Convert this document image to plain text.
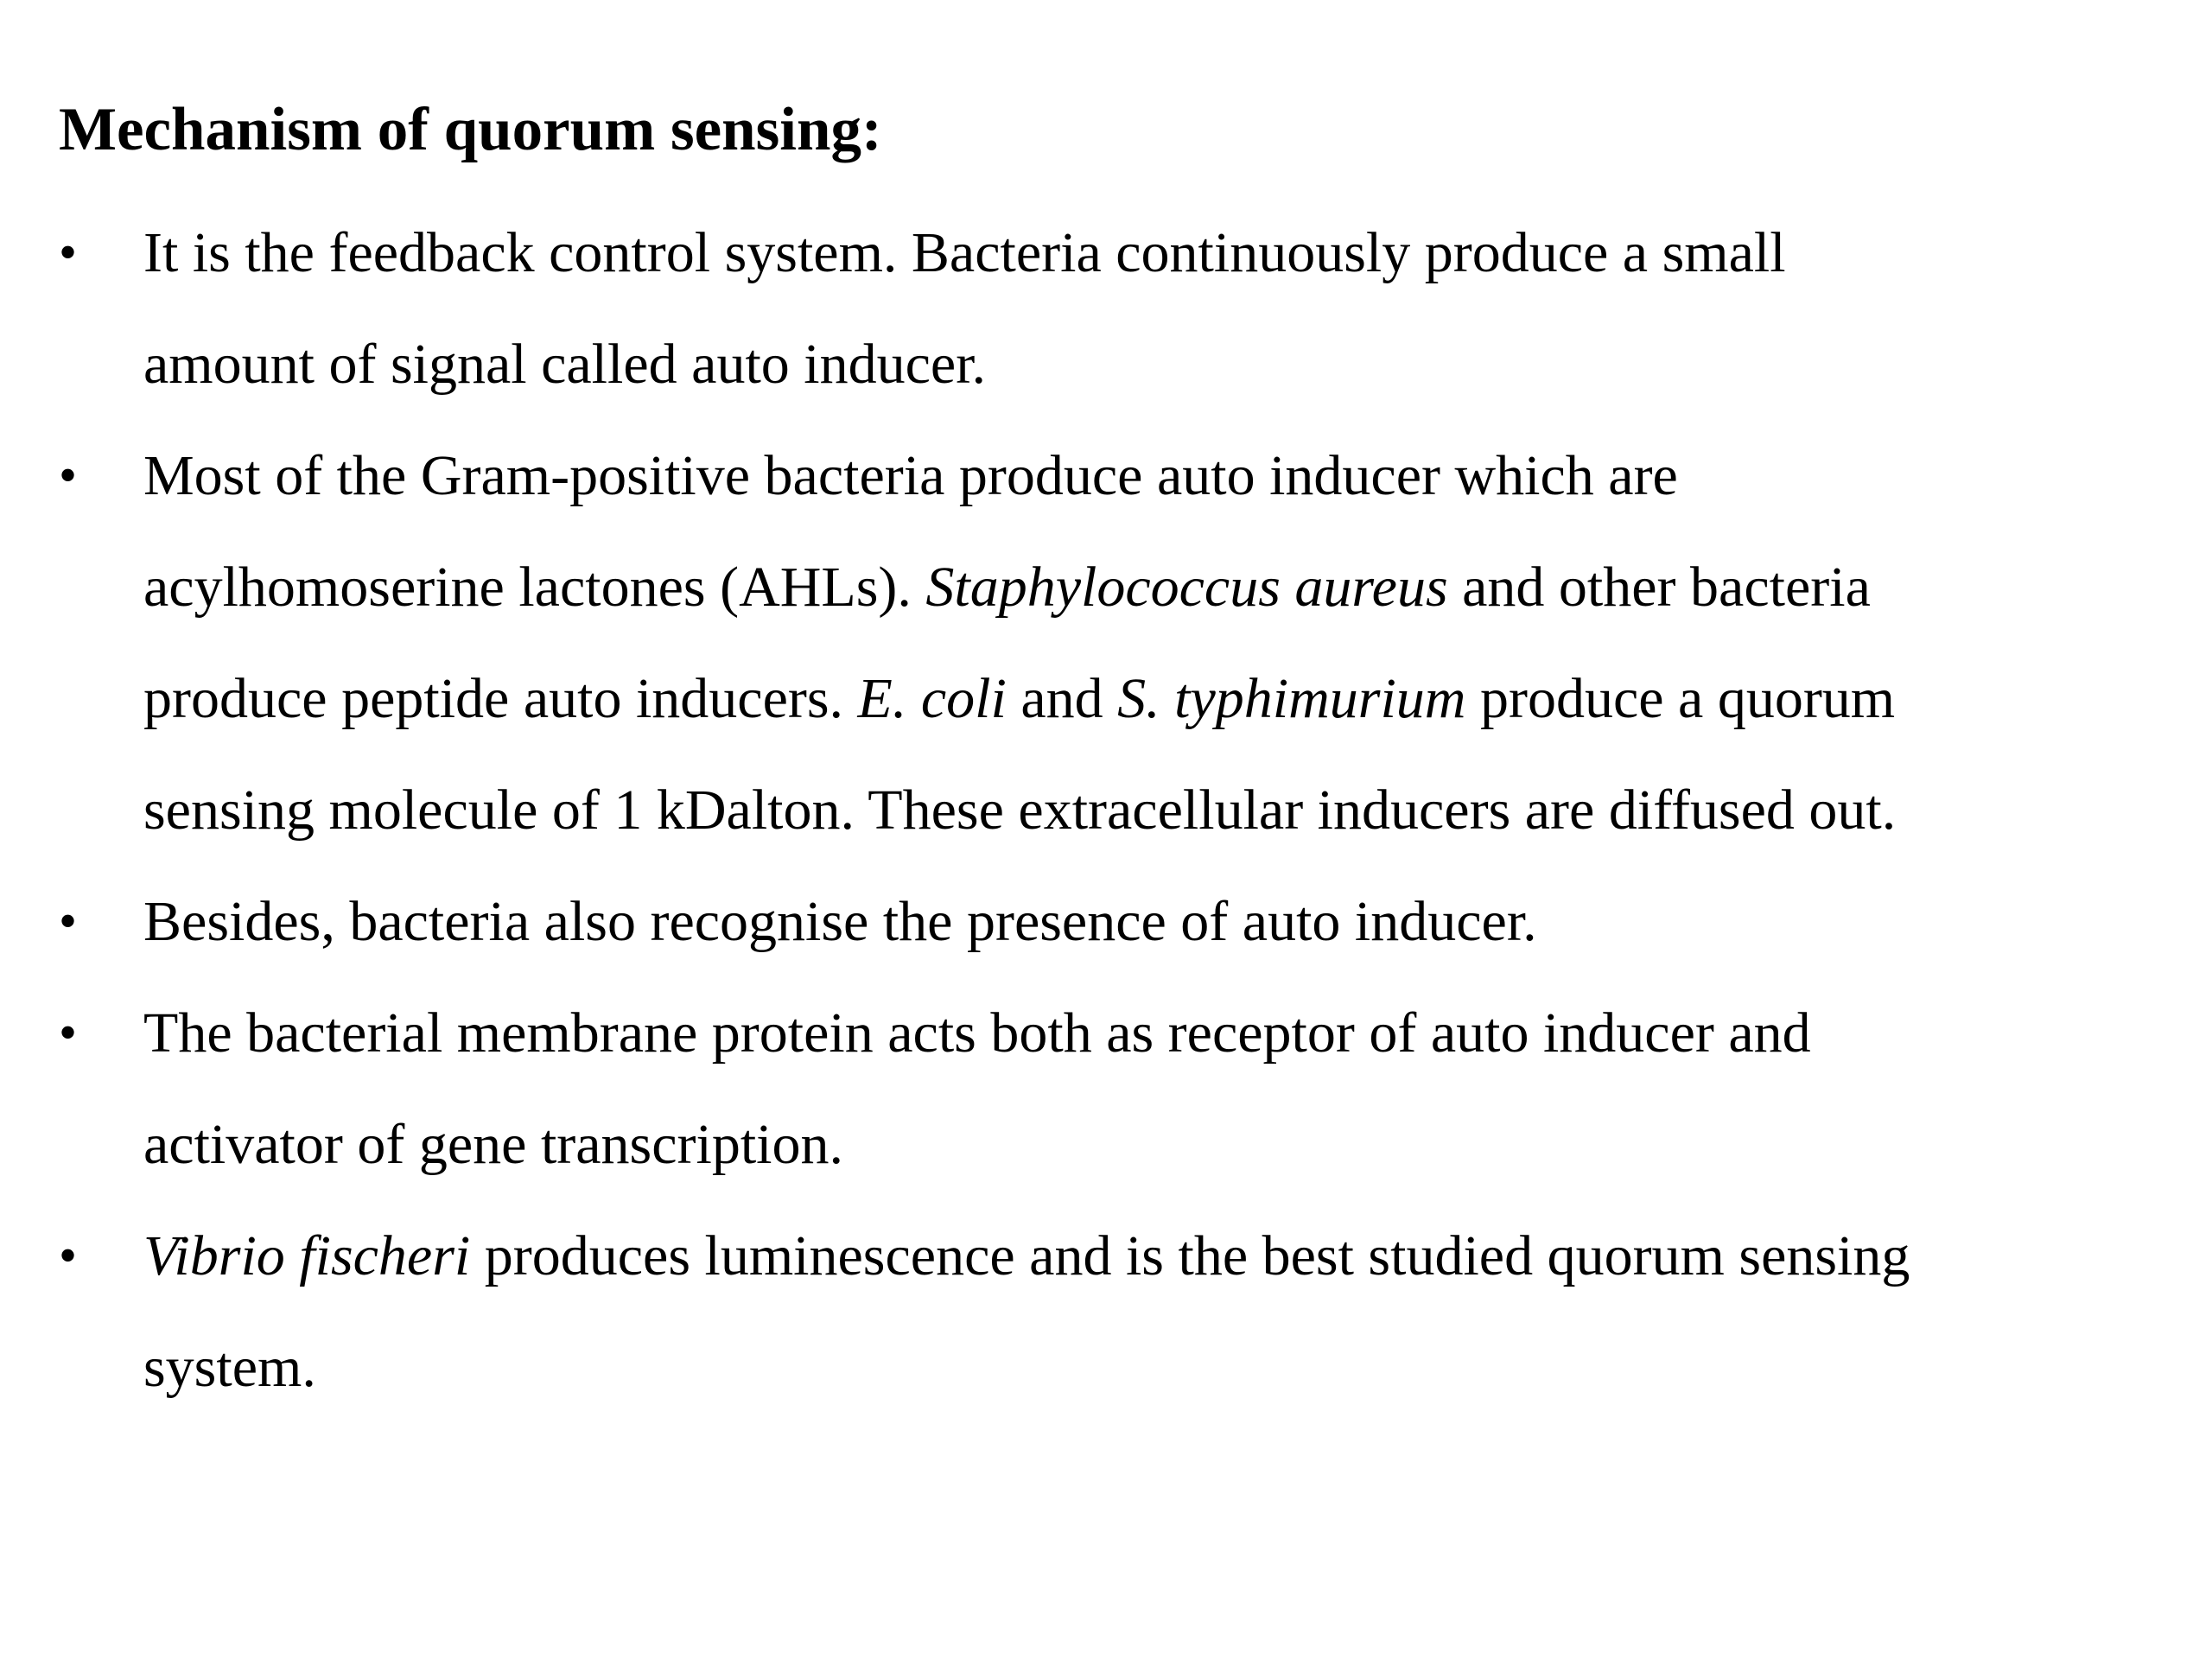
Mechanism of quorum sensing:
• It is the feedback control system. Bacteria continuously produce a small
amount of signal called auto inducer.
• Most of the Gram-positive bacteria produce auto inducer which are
acylhomoserine lactones (AHLs). Staphylococcus aureus and other bacteria
produce peptide auto inducers. E. coli and S. typhimurium produce a quorum
sensing molecule of 1 kDalton. These extracellular inducers are diffused out.
• Besides, bacteria also recognise the presence of auto inducer.
• The bacterial membrane protein acts both as receptor of auto inducer and
activator of gene transcription.
• Vibrio fischeri produces luminescence and is the best studied quorum sensing
system.
